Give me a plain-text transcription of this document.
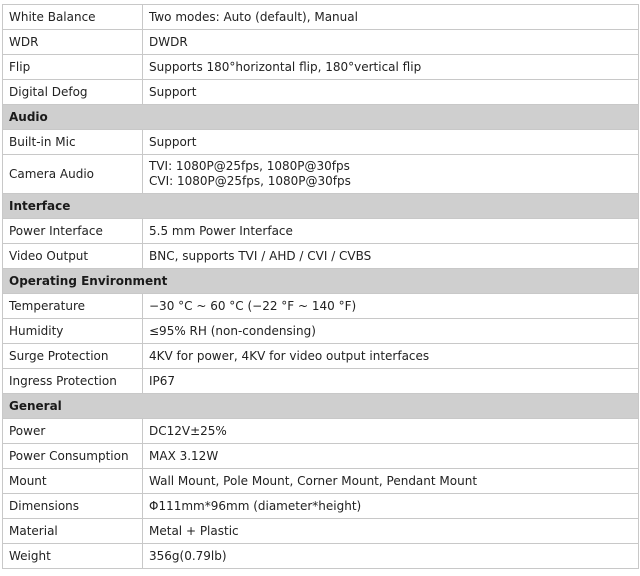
White Balance	Two modes: Auto (default), Manual
WDR	DWDR
Flip	Supports 180°horizontal flip, 180°vertical flip
Digital Defog	Support
Audio	
Built-in Mic	Support
Camera Audio	TVI: 1080P@25fps, 1080P@30fps
CVI: 1080P@25fps, 1080P@30fps

Interface	
Power Interface	5.5 mm Power Interface
Video Output	BNC, supports TVI / AHD / CVI / CVBS
Operating Environment	
Temperature	−30 °C ~ 60 °C (−22 °F ~ 140 °F)
Humidity	≤95% RH (non-condensing)
Surge Protection	4KV for power, 4KV for video output interfaces
Ingress Protection	IP67
General	
Power	DC12V±25%
Power Consumption	MAX 3.12W
Mount	Wall Mount, Pole Mount, Corner Mount, Pendant Mount
Dimensions	Φ111mm*96mm (diameter*height)
Material	Metal + Plastic
Weight	356g(0.79lb)
